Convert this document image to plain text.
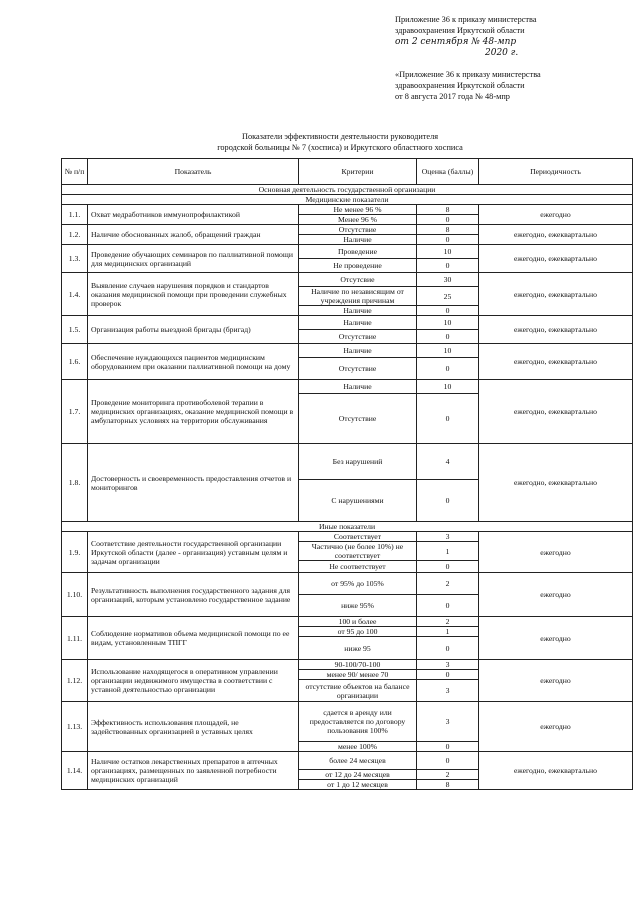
Приложение 36 к приказу министерства
здравоохранения Иркутской области
от 2 сентября № 48-мпр
2020 г.
«Приложение 36 к приказу министерства
здравоохранения Иркутской области
от 8 августа 2017 года № 48-мпр
Показатели эффективности деятельности руководителя
городской больницы № 7 (хосписа) и Иркутского областного хосписа
№ п/п	Показатель	Критерии	Оценка (баллы)	Периодичность
Основная деятельность государственной организации				
Медицинские показатели				
1.1.	Охват медработников иммунопрофилактикой	Не менее 96 %	8	ежегодно
		Менее 96 %	0	
1.2.	Наличие обоснованных жалоб, обращений граждан	Отсутствие	8	ежегодно, ежеквартально
		Наличие	0	
1.3.	Проведение обучающих семинаров по паллиативной помощи для медицинских организаций	Проведение	10	ежегодно, ежеквартально
		Не проведение	0	
1.4.	Выявление случаев нарушения порядков и стандартов оказания медицинской помощи при проведении служебных проверок	Отсутсвие	30	ежегодно, ежеквартально
		Наличие по независящим от учреждения причинам	25	
		Наличие	0	
1.5.	Организация работы выездной бригады (бригад)	Наличие	10	ежегодно, ежеквартально
		Отсутствие	0	
1.6.	Обеспечение нуждающихся пациентов медицинским оборудованием при оказании паллиативной помощи на дому	Наличие	10	ежегодно, ежеквартально
		Отсутствие	0	
1.7.	Проведение мониторинга противоболевой терапии в медицинских организациях, оказание медицинской помощи в амбулаторных условиях на территории обслуживания	Наличие	10	ежегодно, ежеквартально
		Отсутствие	0	
1.8.	Достоверность и своевременность предоставления отчетов и мониторингов	Без нарушений	4	ежегодно, ежеквартально
		С нарушениями	0	
Иные показатели				
1.9.	Соответствие деятельности государственной организации Иркутской области (далее - организация) уставным целям и задачам организации	Соответствует	3	ежегодно
		Частично (не более 10%) не соответствует	1	
		Не соответствует	0	
1.10.	Результативность выполнения государственного задания для организаций, которым установлено государственное задание	от 95% до 105%	2	ежегодно
		ниже 95%	0	
1.11.	Соблюдение нормативов объема медицинской помощи по ее видам, установленным ТПГГ	100 и более	2	ежегодно
		от 95 до 100	1	
		ниже 95	0	
1.12.	Использование находящегося в оперативном управлении организации недвижимого имущества в соответствии с уставной деятельностью организации	90-100/70-100	3	ежегодно
		менее 90/ менее 70	0	
		отсутствие объектов на балансе организации	3	
1.13.	Эффективность использования площадей, не задействованных организацией в уставных целях	сдается в аренду или предоставляется по договору пользования 100%	3	ежегодно
		менее 100%	0	
1.14.	Наличие остатков лекарственных препаратов в аптечных организациях, размещенных по заявленной потребности медицинских организаций	более 24 месяцев	0	ежегодно, ежеквартально
		от 12 до 24 месяцев	2	
		от 1 до 12 месяцев	8	
